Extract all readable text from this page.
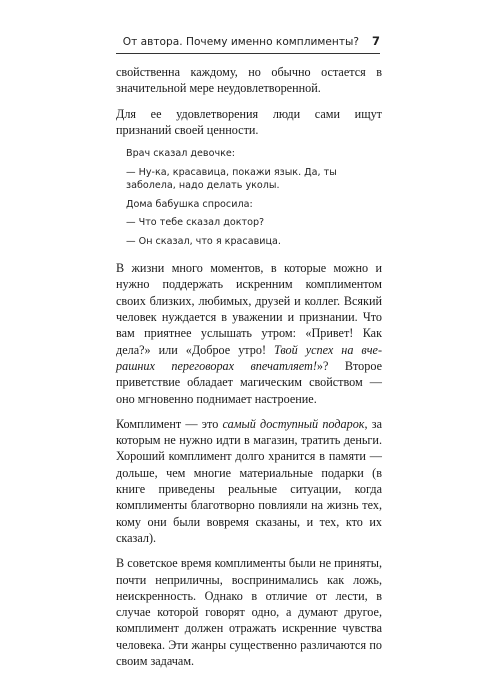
От автора. Почему именно комплименты? 7

свойственна каждому, но обычно остается в значительной мере неудовлетворенной.

Для ее удовлетворения люди сами ищут признаний своей ценности.

Врач сказал девочке:
— Ну-ка, красавица, покажи язык. Да, ты заболела, надо делать уколы.
Дома бабушка спросила:
— Что тебе сказал доктор?
— Он сказал, что я красавица.

В жизни много моментов, в которые можно и нужно поддержать искренним комплиментом своих близких, любимых, друзей и коллег. Всякий человек нуждается в уважении и признании. Что вам приятнее услышать утром: «Привет! Как дела?» или «Доброе утро! Твой успех на вчерашних переговорах впечатляет!»? Второе приветствие обладает магическим свойством — оно мгновенно поднимает настроение.

Комплимент — это самый доступный подарок, за которым не нужно идти в магазин, тратить деньги. Хороший комплимент долго хранится в памяти — дольше, чем многие материальные подарки (в книге приведены реальные ситуации, когда комплименты благотворно повлияли на жизнь тех, кому они были вовремя сказаны, и тех, кто их сказал).

В советское время комплименты были не приняты, почти неприличны, воспринимались как ложь, неискренность. Однако в отличие от лести, в случае которой говорят одно, а думают другое, комплимент должен отражать искренние чувства человека. Эти жанры существенно различаются по своим задачам.
